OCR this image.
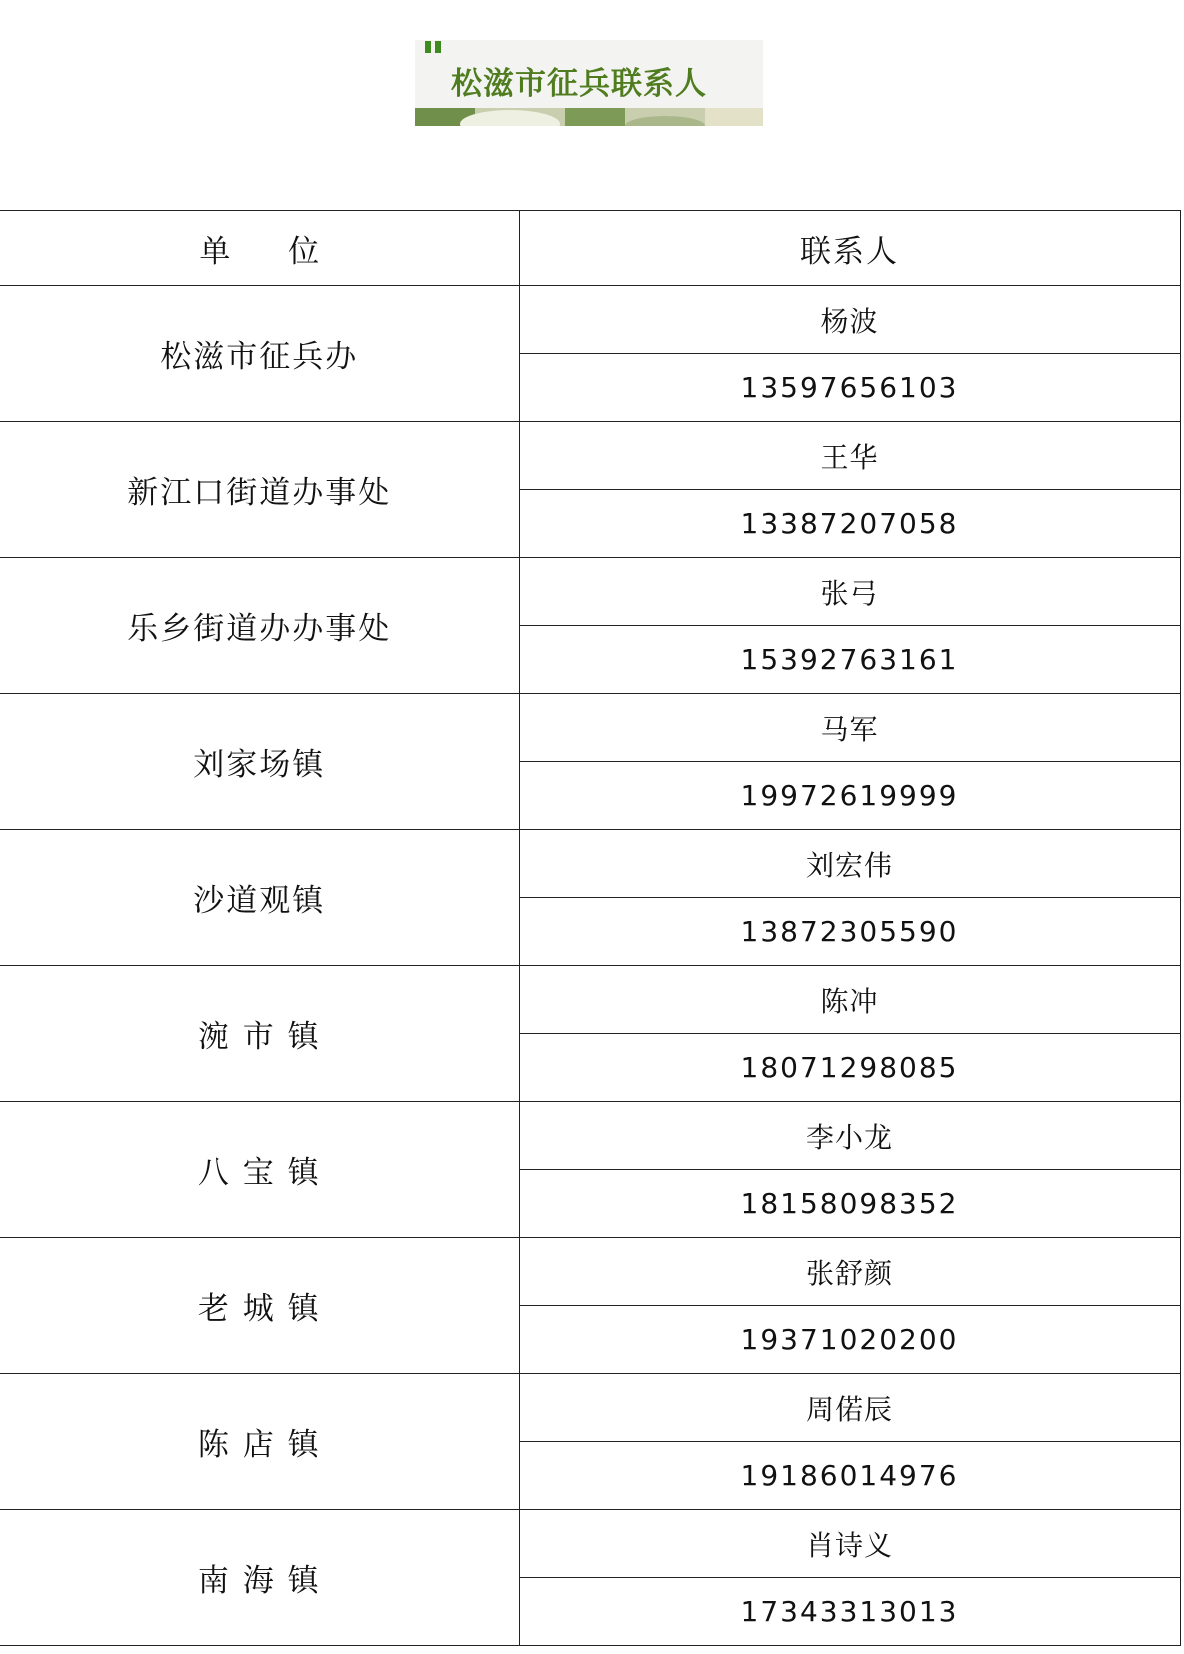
松滋市征兵联系人
单 位	联系人
松滋市征兵办	杨波
	13597656103
新江口街道办事处	王华
	13387207058
乐乡街道办办事处	张弓
	15392763161
刘家场镇	马军
	19972619999
沙道观镇	刘宏伟
	13872305590
涴 市 镇	陈冲
	18071298085
八 宝 镇	李小龙
	18158098352
老 城 镇	张舒颜
	19371020200
陈 店 镇	周偌辰
	19186014976
南 海 镇	肖诗义
	17343313013
